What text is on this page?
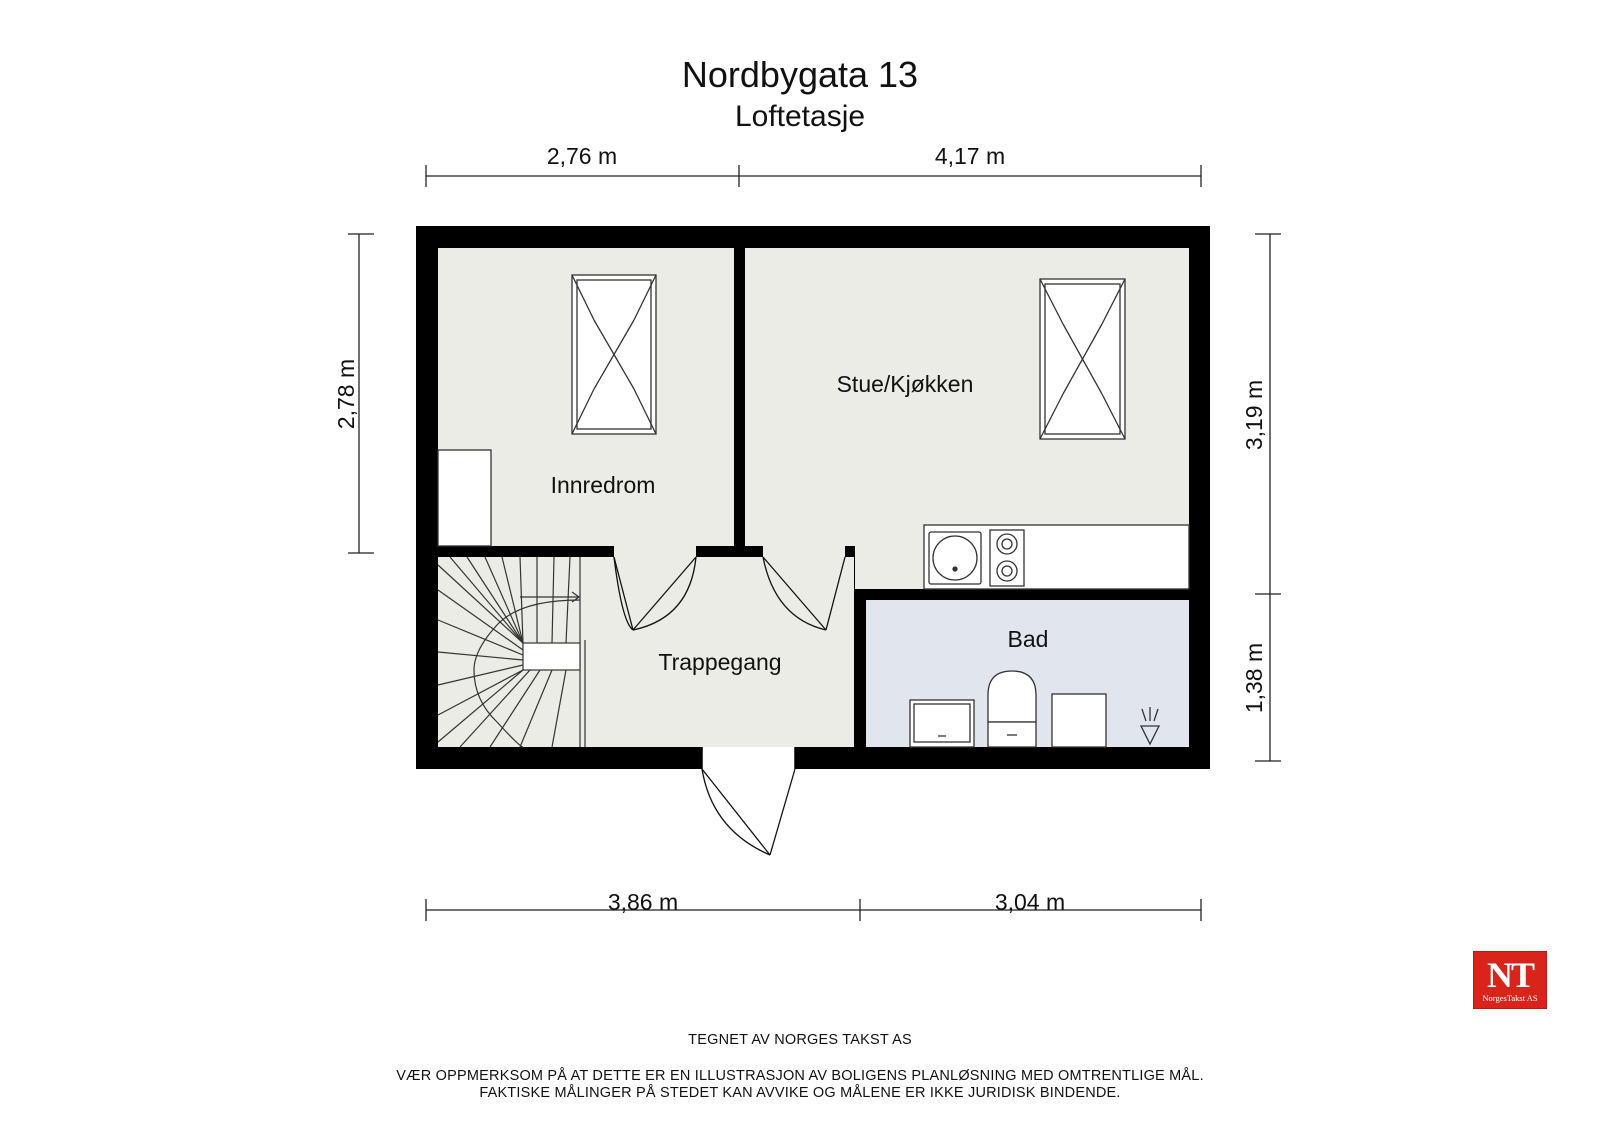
Nordbygata 13
Loftetasje
2,76 m	4,17 m
3,86 m	3,04 m
2,78 m	3,19 m
1,38 m
Innredrom
Stue/Kjøkken
Bad
Trappegang
NT
NorgesTakst AS
TEGNET AV NORGES TAKST AS
VÆR OPPMERKSOM PÅ AT DETTE ER EN ILLUSTRASJON AV BOLIGENS PLANLØSNING MED OMTRENTLIGE MÅL.
FAKTISKE MÅLINGER PÅ STEDET KAN AVVIKE OG MÅLENE ER IKKE JURIDISK BINDENDE.
